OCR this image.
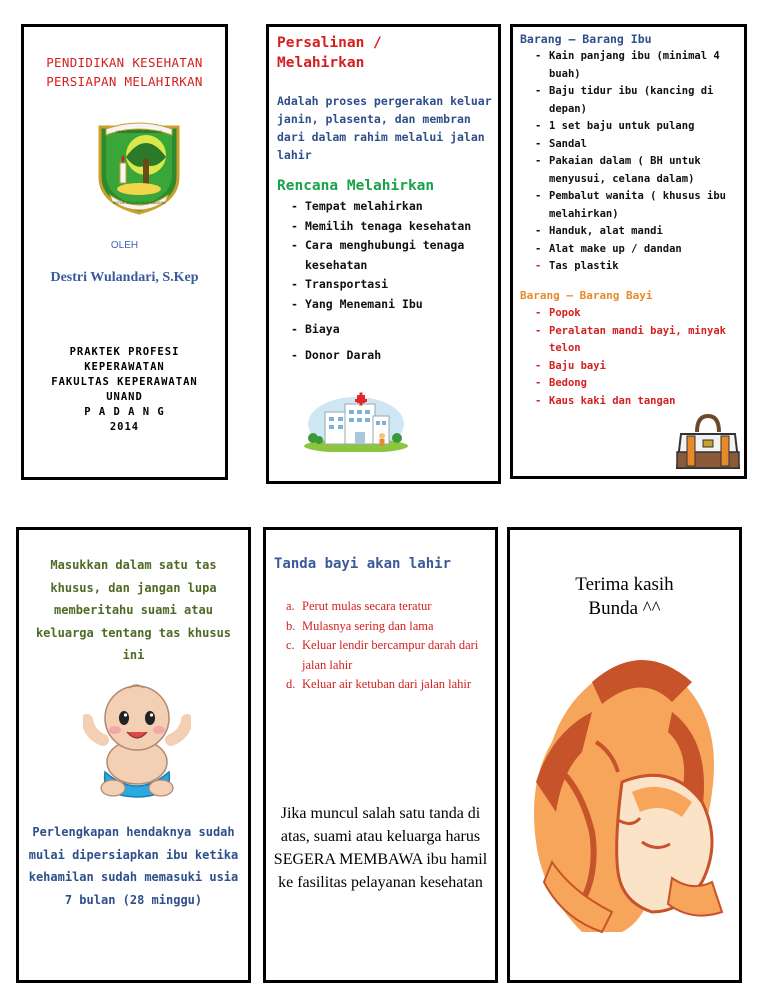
PENDIDIKAN KESEHATAN
PERSIAPAN MELAHIRKAN
UNIVERSITAS ANDALAS
UNTUK KEDJADJAAN BANGSA
OLEH
Destri Wulandari, S.Kep
PRAKTEK PROFESI KEPERAWATAN
FAKULTAS KEPERAWATAN UNAND
P A D A N G
2014
Persalinan /
Melahirkan
Adalah proses pergerakan keluar janin, plasenta, dan membran dari dalam rahim melalui jalan lahir
Rencana Melahirkan
- Tempat melahirkan
- Memilih tenaga kesehatan
- Cara menghubungi tenaga kesehatan
- Transportasi
- Yang Menemani Ibu
- Biaya
- Donor Darah
Barang – Barang Ibu
- Kain panjang ibu (minimal 4 buah)
- Baju tidur ibu (kancing di depan)
- 1 set baju untuk pulang
- Sandal
- Pakaian dalam ( BH untuk menyusui, celana dalam)
- Pembalut wanita ( khusus ibu melahirkan)
- Handuk, alat mandi
- Alat make up / dandan
- Tas plastik
Barang – Barang Bayi
- Popok
- Peralatan mandi bayi, minyak telon
- Baju bayi
- Bedong
- Kaus kaki dan tangan
Masukkan dalam satu tas khusus, dan jangan lupa memberitahu suami atau keluarga tentang tas khusus ini
Perlengkapan hendaknya sudah mulai dipersiapkan ibu ketika kehamilan sudah memasuki usia 7 bulan (28 minggu)
Tanda bayi akan lahir
a. Perut mulas secara teratur
b. Mulasnya sering dan lama
c. Keluar lendir bercampur darah dari jalan lahir
d. Keluar air ketuban dari jalan lahir
Jika muncul salah satu tanda di atas, suami atau keluarga harus SEGERA MEMBAWA ibu hamil ke fasilitas pelayanan kesehatan
Terima kasih
Bunda ^^
